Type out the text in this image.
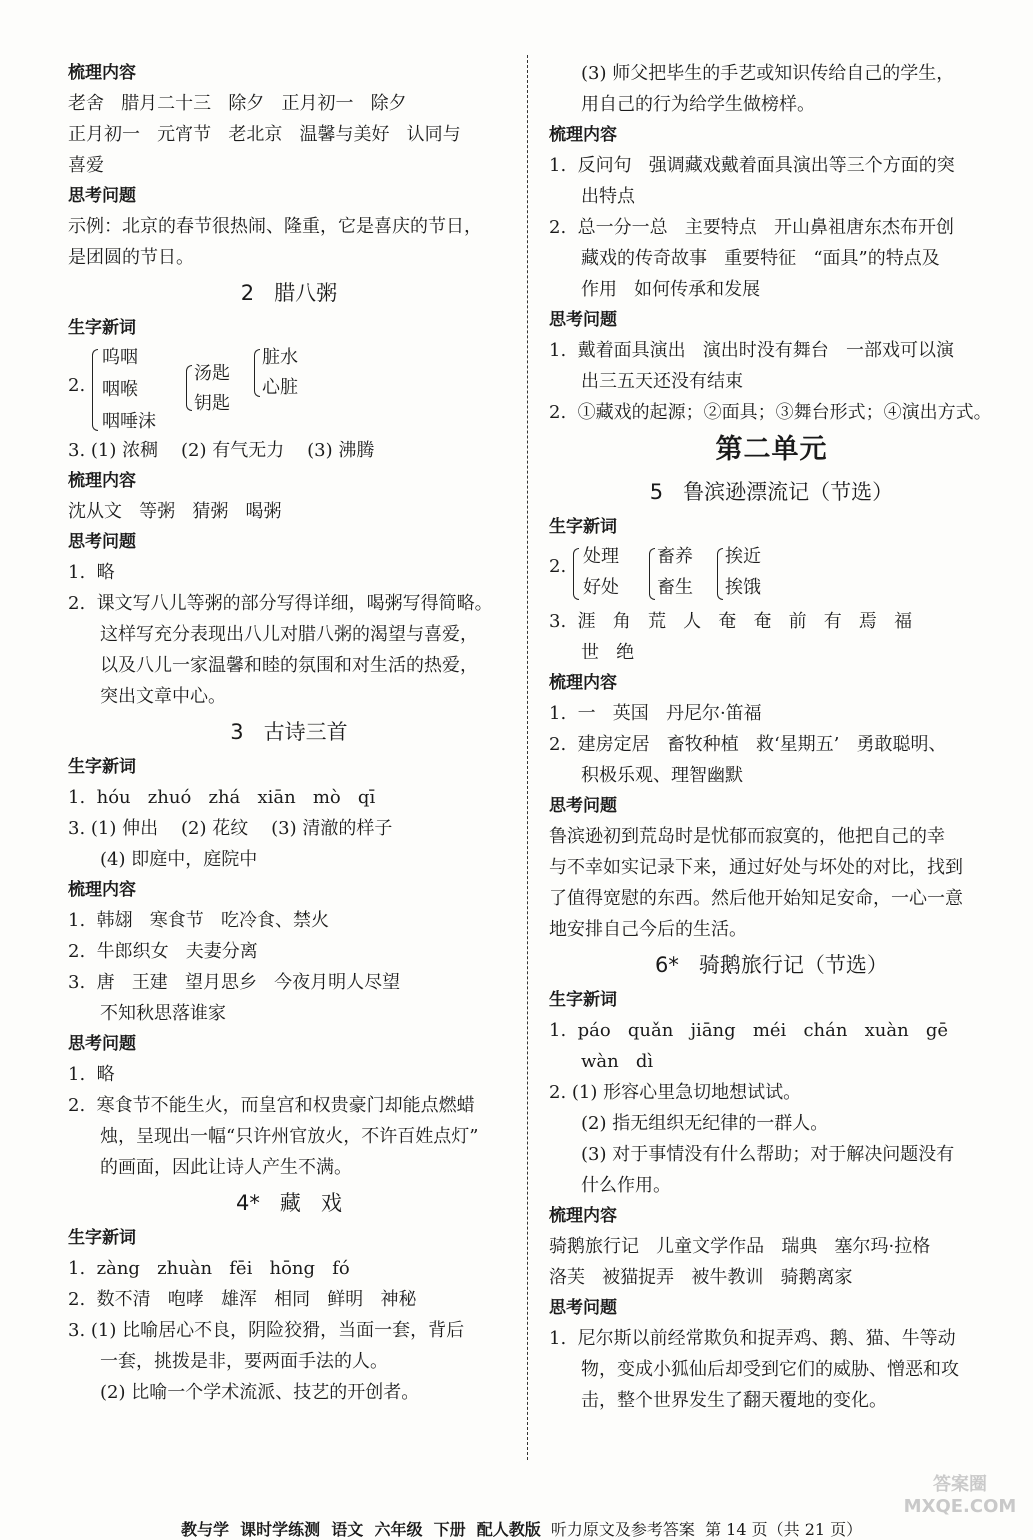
梳理内容
老舍   腊月二十三   除夕   正月初一   除夕
正月初一   元宵节   老北京   温馨与美好   认同与
喜爱
思考问题
示例：北京的春节很热闹、隆重，它是喜庆的节日，
是团圆的节日。
2   腊八粥
生字新词
2.
呜咽
咽喉
咽唾沫
汤匙
钥匙
脏水
心脏
3. (1) 浓稠    (2) 有气无力    (3) 沸腾
梳理内容
沈从文   等粥   猜粥   喝粥
思考问题
1.  略
2.  课文写八儿等粥的部分写得详细，喝粥写得简略。
这样写充分表现出八儿对腊八粥的渴望与喜爱，
以及八儿一家温馨和睦的氛围和对生活的热爱，
突出文章中心。
3   古诗三首
生字新词
1.  hóu   zhuó   zhá   xiān   mò   qī
3. (1) 伸出    (2) 花纹    (3) 清澈的样子
(4) 即庭中，庭院中
梳理内容
1.  韩翃   寒食节   吃冷食、禁火
2.  牛郎织女   夫妻分离
3.  唐   王建   望月思乡   今夜月明人尽望
不知秋思落谁家
思考问题
1.  略
2.  寒食节不能生火，而皇宫和权贵豪门却能点燃蜡
烛，呈现出一幅“只许州官放火，不许百姓点灯”
的画面，因此让诗人产生不满。
4*   藏   戏
生字新词
1.  zàng   zhuàn   fēi   hōng   fó
2.  数不清   咆哮   雄浑   相同   鲜明   神秘
3. (1) 比喻居心不良，阴险狡猾，当面一套，背后
一套，挑拨是非，要两面手法的人。
(2) 比喻一个学术流派、技艺的开创者。
(3) 师父把毕生的手艺或知识传给自己的学生，
用自己的行为给学生做榜样。
梳理内容
1.  反问句   强调藏戏戴着面具演出等三个方面的突
出特点
2.  总一分一总   主要特点   开山鼻祖唐东杰布开创
藏戏的传奇故事   重要特征   “面具”的特点及
作用   如何传承和发展
思考问题
1.  戴着面具演出   演出时没有舞台   一部戏可以演
出三五天还没有结束
2.  ①藏戏的起源；②面具；③舞台形式；④演出方式。
第二单元
5   鲁滨逊漂流记（节选）
生字新词
2. 处理
好处
畜养
畜生
挨近
挨饿
3.  涯   角   荒   人   奄   奄   前   有   焉   福
世   绝
梳理内容
1.  一   英国   丹尼尔·笛福
2.  建房定居   畜牧种植   救‘星期五’   勇敢聪明、
积极乐观、理智幽默
思考问题
鲁滨逊初到荒岛时是忧郁而寂寞的，他把自己的幸
与不幸如实记录下来，通过好处与坏处的对比，找到
了值得宽慰的东西。然后他开始知足安命，一心一意
地安排自己今后的生活。
6*   骑鹅旅行记（节选）
生字新词
1.  páo   quǎn   jiāng   méi   chán   xuàn   gē
wàn   dì
2. (1) 形容心里急切地想试试。
(2) 指无组织无纪律的一群人。
(3) 对于事情没有什么帮助；对于解决问题没有
什么作用。
梳理内容
骑鹅旅行记   儿童文学作品   瑞典   塞尔玛·拉格
洛芙   被猫捉弄   被牛教训   骑鹅离家
思考问题
1.  尼尔斯以前经常欺负和捉弄鸡、鹅、猫、牛等动
物，变成小狐仙后却受到它们的威胁、憎恶和攻
击，整个世界发生了翻天覆地的变化。

教与学  课时学练测  语文  六年级  下册  配人教版 听力原文及参考答案  第 14 页（共 21 页）

答案圈 MXQE.COM
